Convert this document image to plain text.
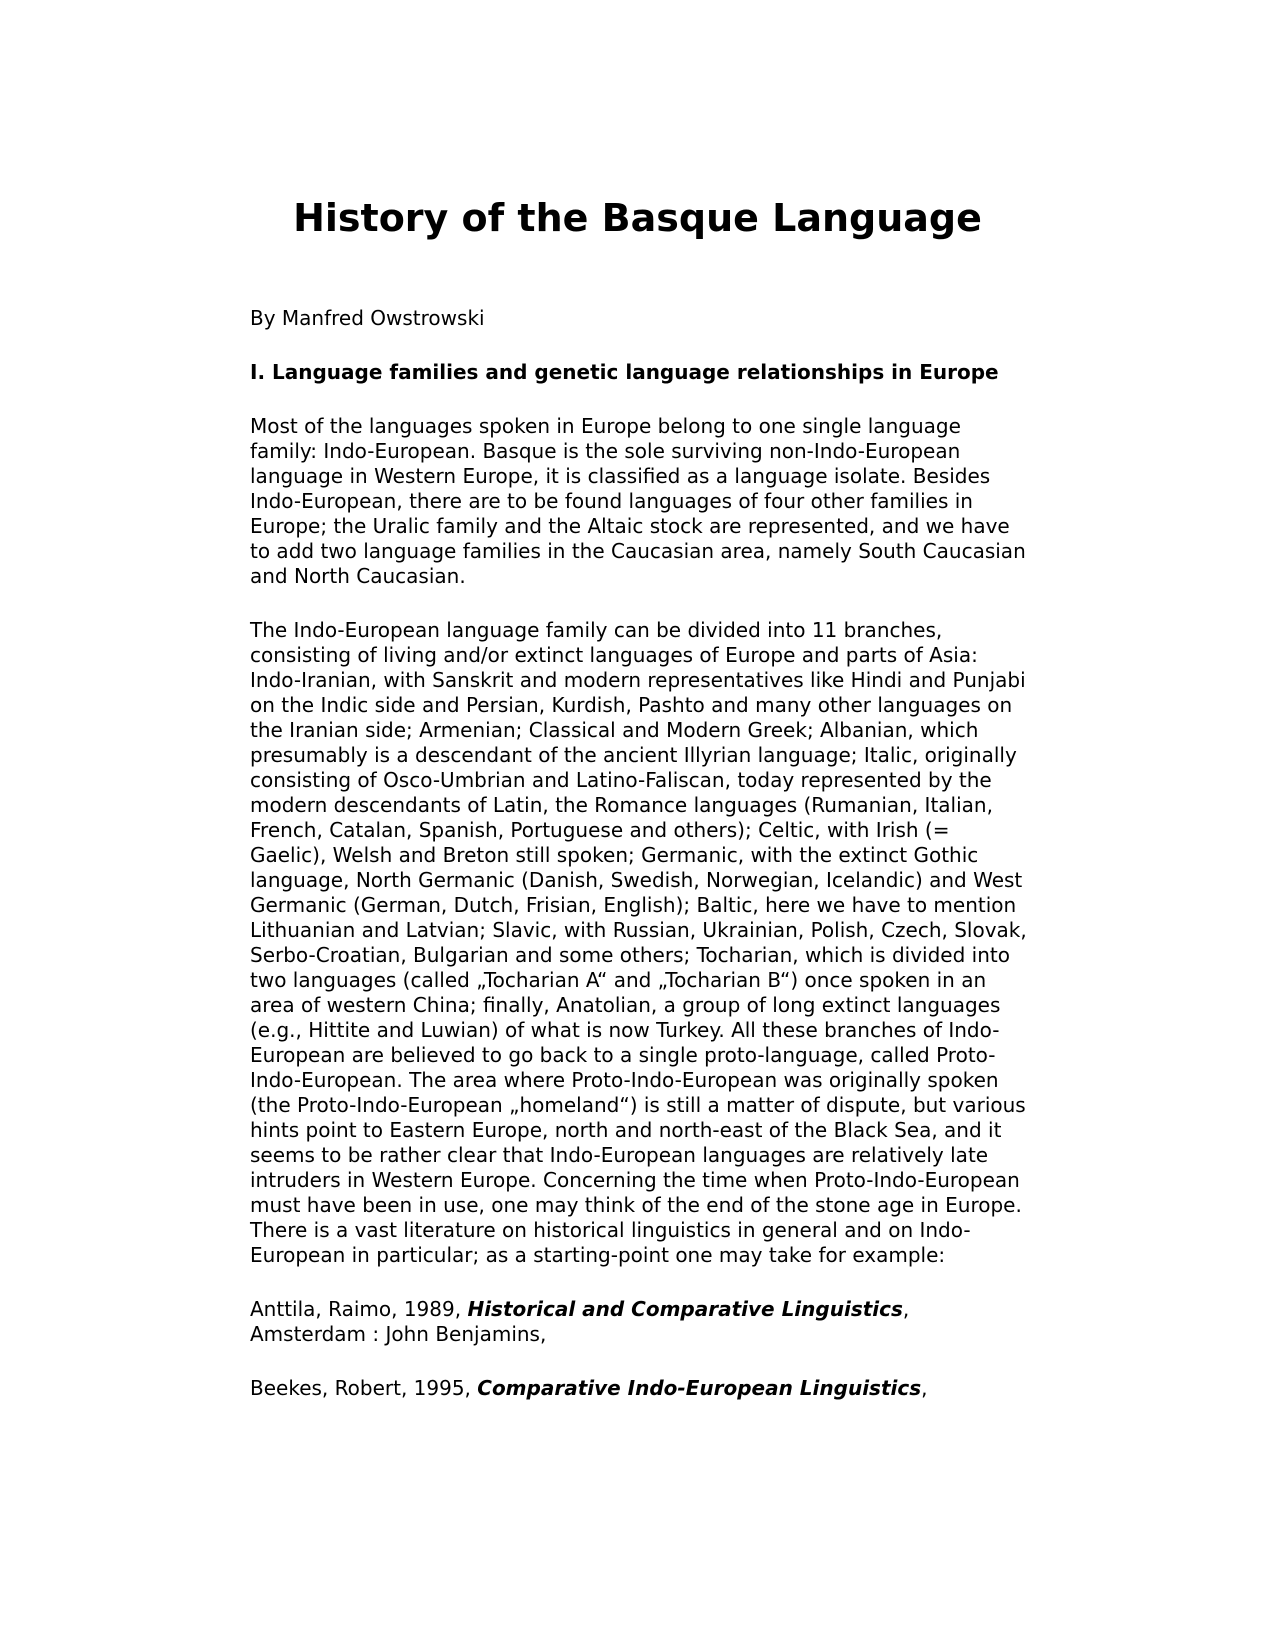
History of the Basque Language

By Manfred Owstrowski

I. Language families and genetic language relationships in Europe

Most of the languages spoken in Europe belong to one single language family: Indo-European. Basque is the sole surviving non-Indo-European language in Western Europe, it is classified as a language isolate. Besides Indo-European, there are to be found languages of four other families in Europe; the Uralic family and the Altaic stock are represented, and we have to add two language families in the Caucasian area, namely South Caucasian and North Caucasian.

The Indo-European language family can be divided into 11 branches, consisting of living and/or extinct languages of Europe and parts of Asia: Indo-Iranian, with Sanskrit and modern representatives like Hindi and Punjabi on the Indic side and Persian, Kurdish, Pashto and many other languages on the Iranian side; Armenian; Classical and Modern Greek; Albanian, which presumably is a descendant of the ancient Illyrian language; Italic, originally consisting of Osco-Umbrian and Latino-Faliscan, today represented by the modern descendants of Latin, the Romance languages (Rumanian, Italian, French, Catalan, Spanish, Portuguese and others); Celtic, with Irish (= Gaelic), Welsh and Breton still spoken; Germanic, with the extinct Gothic language, North Germanic (Danish, Swedish, Norwegian, Icelandic) and West Germanic (German, Dutch, Frisian, English); Baltic, here we have to mention Lithuanian and Latvian; Slavic, with Russian, Ukrainian, Polish, Czech, Slovak, Serbo-Croatian, Bulgarian and some others; Tocharian, which is divided into two languages (called „Tocharian A“ and „Tocharian B“) once spoken in an area of western China; finally, Anatolian, a group of long extinct languages (e.g., Hittite and Luwian) of what is now Turkey. All these branches of Indo-European are believed to go back to a single proto-language, called Proto-Indo-European. The area where Proto-Indo-European was originally spoken (the Proto-Indo-European „homeland“) is still a matter of dispute, but various hints point to Eastern Europe, north and north-east of the Black Sea, and it seems to be rather clear that Indo-European languages are relatively late intruders in Western Europe. Concerning the time when Proto-Indo-European must have been in use, one may think of the end of the stone age in Europe. There is a vast literature on historical linguistics in general and on Indo-European in particular; as a starting-point one may take for example:

Anttila, Raimo, 1989, Historical and Comparative Linguistics, Amsterdam : John Benjamins,

Beekes, Robert, 1995, Comparative Indo-European Linguistics,
